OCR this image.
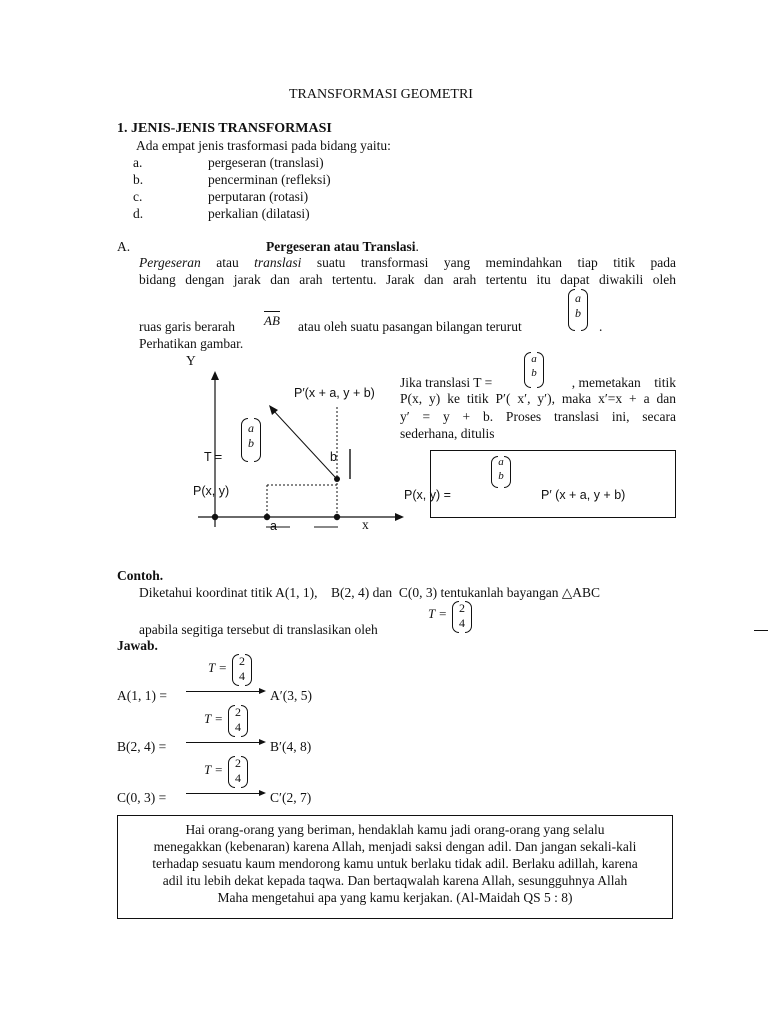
TRANSFORMASI GEOMETRI
1. JENIS-JENIS TRANSFORMASI
Ada empat jenis trasformasi pada bidang yaitu:
a.	pergeseran (translasi)
b.	pencerminan (refleksi)
c.	perputaran (rotasi)
d.	perkalian (dilatasi)
A.	Pergeseran atau Translasi.
Pergeseran atau translasi suatu transformasi yang memindahkan tiap titik pada
bidang dengan jarak dan arah tertentu. Jarak dan arah tertentu itu dapat diwakili oleh
ruas garis berarah AB atau oleh suatu pasangan bilangan terurut
a
b
.
Perhatikan gambar.
Y
P′(x + a, y + b)
T =
a
b
b
P(x, y)
a	x
Jika translasi T =
a
b
, memetakan    titik
P(x, y) ke titik P′( x′, y′), maka x′=x + a dan
y′ = y + b. Proses translasi ini, secara
sederhana, ditulis
P(x, y) =
a
b
P′ (x + a, y + b)
Contoh.
Diketahui koordinat titik A(1, 1),    B(2, 4) dan  C(0, 3) tentukanlah bayangan △ABC
T = 2
4
apabila segitiga tersebut di translasikan oleh
Jawab.
T = 2
4
A(1, 1) =	A′(3, 5)
T = 2
4
B(2, 4) =	B′(4, 8)
T = 2
4
C(0, 3) =	C′(2, 7)
Hai orang-orang yang beriman, hendaklah kamu jadi orang-orang yang selalu
menegakkan (kebenaran) karena Allah, menjadi saksi dengan adil. Dan jangan sekali-kali
terhadap sesuatu kaum mendorong kamu untuk berlaku tidak adil. Berlaku adillah, karena
adil itu lebih dekat kepada taqwa. Dan bertaqwalah karena Allah, sesungguhnya Allah
Maha mengetahui apa yang kamu kerjakan. (Al-Maidah QS 5 : 8)
